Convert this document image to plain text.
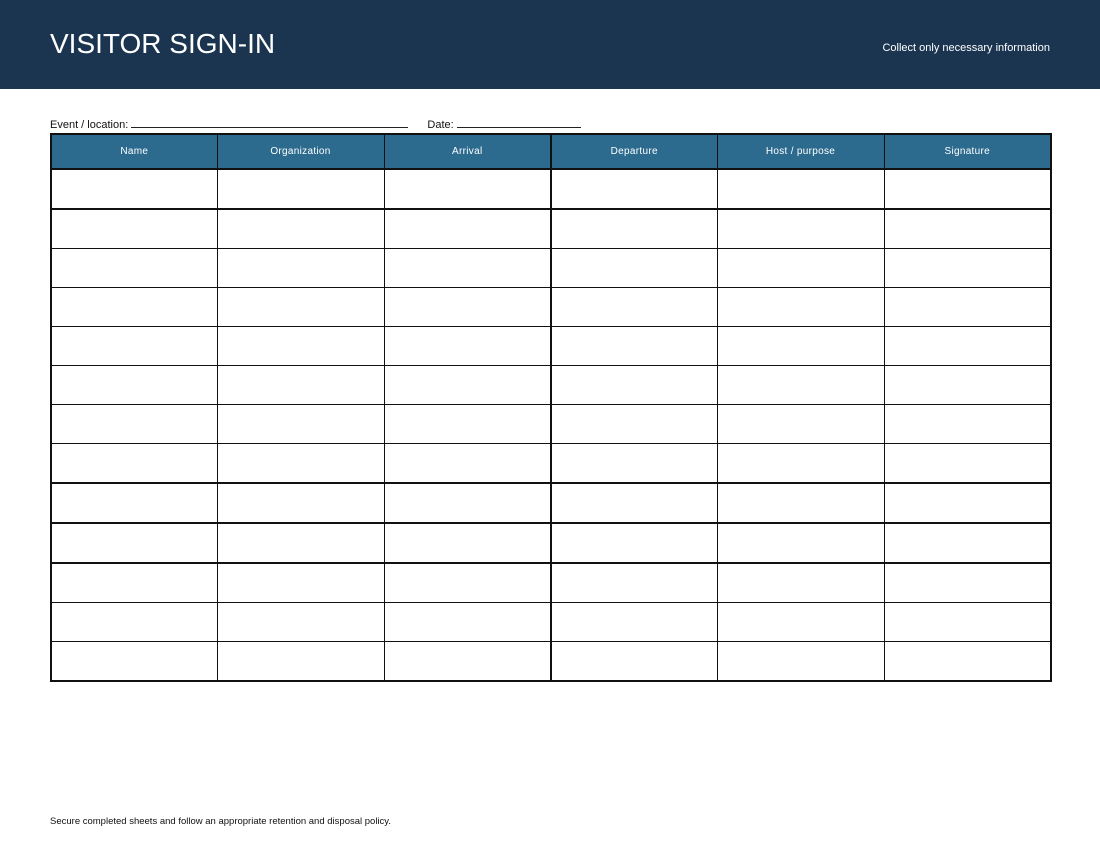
VISITOR SIGN-IN	Collect only necessary information
Event / location:	Date:
Name	Organization	Arrival	Departure	Host / purpose	Signature

Secure completed sheets and follow an appropriate retention and disposal policy.
